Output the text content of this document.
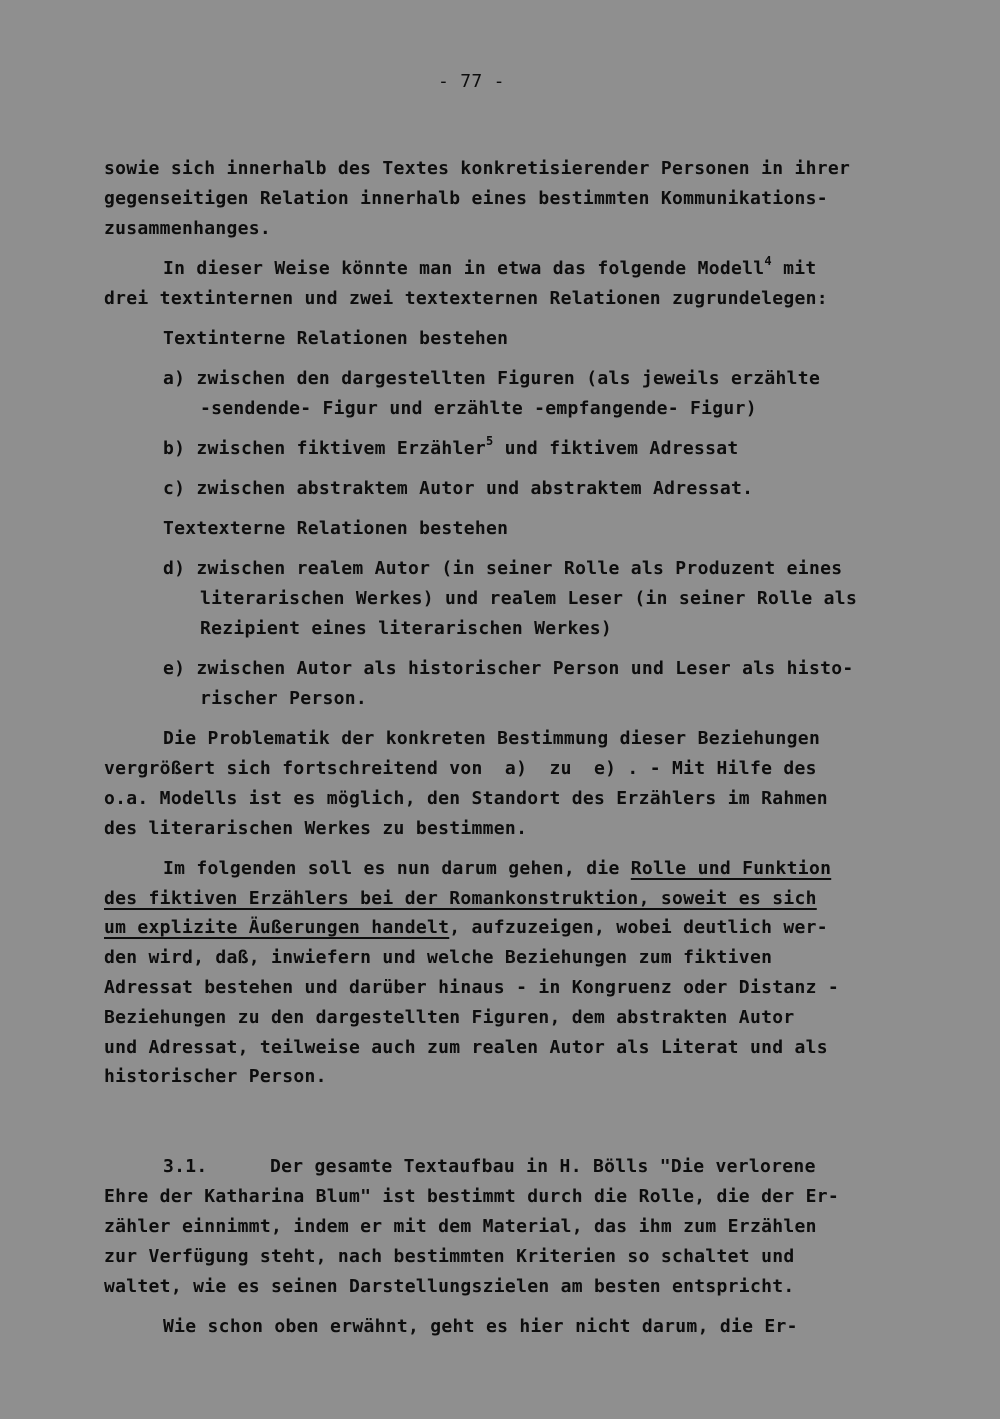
- 77 -
sowie sich innerhalb des Textes konkretisierender Personen in ihrer
gegenseitigen Relation innerhalb eines bestimmten Kommunikations-
zusammenhanges.
In dieser Weise könnte man in etwa das folgende Modell$^4$ mit
drei textinternen und zwei textexternen Relationen zugrundelegen:
Textinterne Relationen bestehen
a) zwischen den dargestellten Figuren (als jeweils erzählte
-sendende- Figur und erzählte -empfangende- Figur)
b) zwischen fiktivem Erzähler$^5$ und fiktivem Adressat
c) zwischen abstraktem Autor und abstraktem Adressat.
Textexterne Relationen bestehen
d) zwischen realem Autor (in seiner Rolle als Produzent eines
literarischen Werkes) und realem Leser (in seiner Rolle als
Rezipient eines literarischen Werkes)
e) zwischen Autor als historischer Person und Leser als histo-
rischer Person.
Die Problematik der konkreten Bestimmung dieser Beziehungen
vergrößert sich fortschreitend von  a)  zu  e) . - Mit Hilfe des
o.a. Modells ist es möglich, den Standort des Erzählers im Rahmen
des literarischen Werkes zu bestimmen.
Im folgenden soll es nun darum gehen, die Rolle und Funktion
des fiktiven Erzählers bei der Romankonstruktion, soweit es sich
um explizite Äußerungen handelt, aufzuzeigen, wobei deutlich wer-
den wird, daß, inwiefern und welche Beziehungen zum fiktiven
Adressat bestehen und darüber hinaus - in Kongruenz oder Distanz -
Beziehungen zu den dargestellten Figuren, dem abstrakten Autor
und Adressat, teilweise auch zum realen Autor als Literat und als
historischer Person.
3.1.	Der gesamte Textaufbau in H. Bölls "Die verlorene
Ehre der Katharina Blum" ist bestimmt durch die Rolle, die der Er-
zähler einnimmt, indem er mit dem Material, das ihm zum Erzählen
zur Verfügung steht, nach bestimmten Kriterien so schaltet und
waltet, wie es seinen Darstellungszielen am besten entspricht.
Wie schon oben erwähnt, geht es hier nicht darum, die Er-
